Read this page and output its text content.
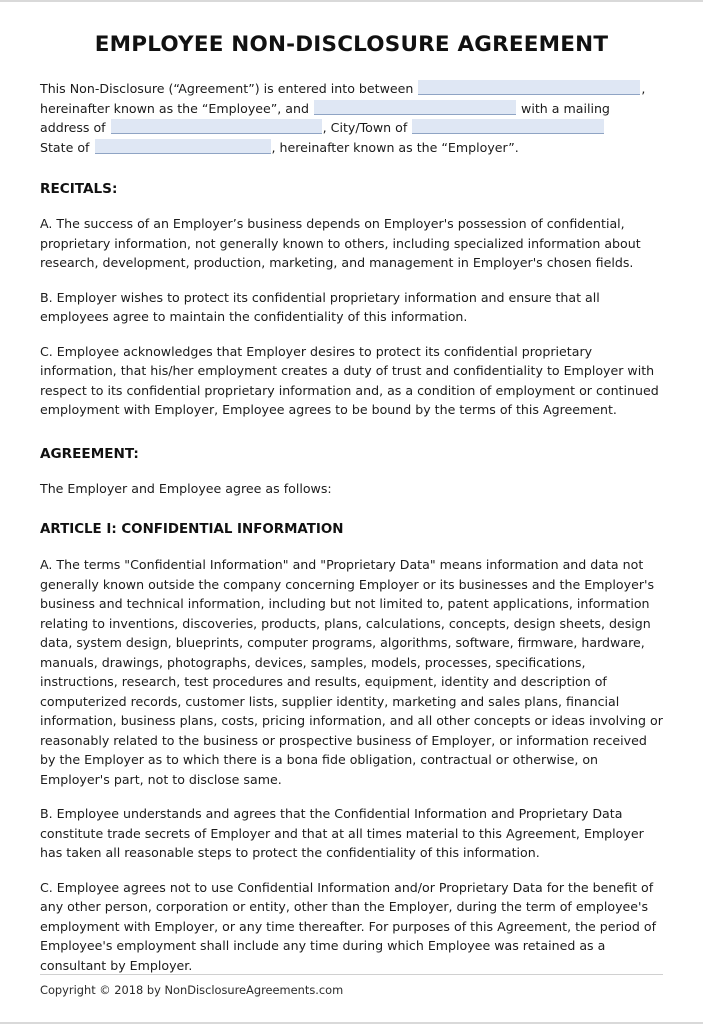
EMPLOYEE NON-DISCLOSURE AGREEMENT
This Non-Disclosure (“Agreement”) is entered into between	,
hereinafter known as the “Employee”, and	with a mailing
address of	, City/Town of
State of	, hereinafter known as the “Employer”.
RECITALS:

A. The success of an Employer’s business depends on Employer's possession of confidential, proprietary information, not generally known to others, including specialized information about research, development, production, marketing, and management in Employer's chosen fields.

B. Employer wishes to protect its confidential proprietary information and ensure that all employees agree to maintain the confidentiality of this information.

C. Employee acknowledges that Employer desires to protect its confidential proprietary information, that his/her employment creates a duty of trust and confidentiality to Employer with respect to its confidential proprietary information and, as a condition of employment or continued employment with Employer, Employee agrees to be bound by the terms of this Agreement.

AGREEMENT:

The Employer and Employee agree as follows:

ARTICLE I: CONFIDENTIAL INFORMATION

A. The terms "Confidential Information" and "Proprietary Data" means information and data not generally known outside the company concerning Employer or its businesses and the Employer's business and technical information, including but not limited to, patent applications, information relating to inventions, discoveries, products, plans, calculations, concepts, design sheets, design data, system design, blueprints, computer programs, algorithms, software, firmware, hardware, manuals, drawings, photographs, devices, samples, models, processes, specifications, instructions, research, test procedures and results, equipment, identity and description of computerized records, customer lists, supplier identity, marketing and sales plans, financial information, business plans, costs, pricing information, and all other concepts or ideas involving or reasonably related to the business or prospective business of Employer, or information received by the Employer as to which there is a bona fide obligation, contractual or otherwise, on Employer's part, not to disclose same.

B. Employee understands and agrees that the Confidential Information and Proprietary Data constitute trade secrets of Employer and that at all times material to this Agreement, Employer has taken all reasonable steps to protect the confidentiality of this information.

C. Employee agrees not to use Confidential Information and/or Proprietary Data for the benefit of any other person, corporation or entity, other than the Employer, during the term of employee's employment with Employer, or any time thereafter. For purposes of this Agreement, the period of Employee's employment shall include any time during which Employee was retained as a consultant by Employer.

Copyright © 2018 by NonDisclosureAgreements.com
